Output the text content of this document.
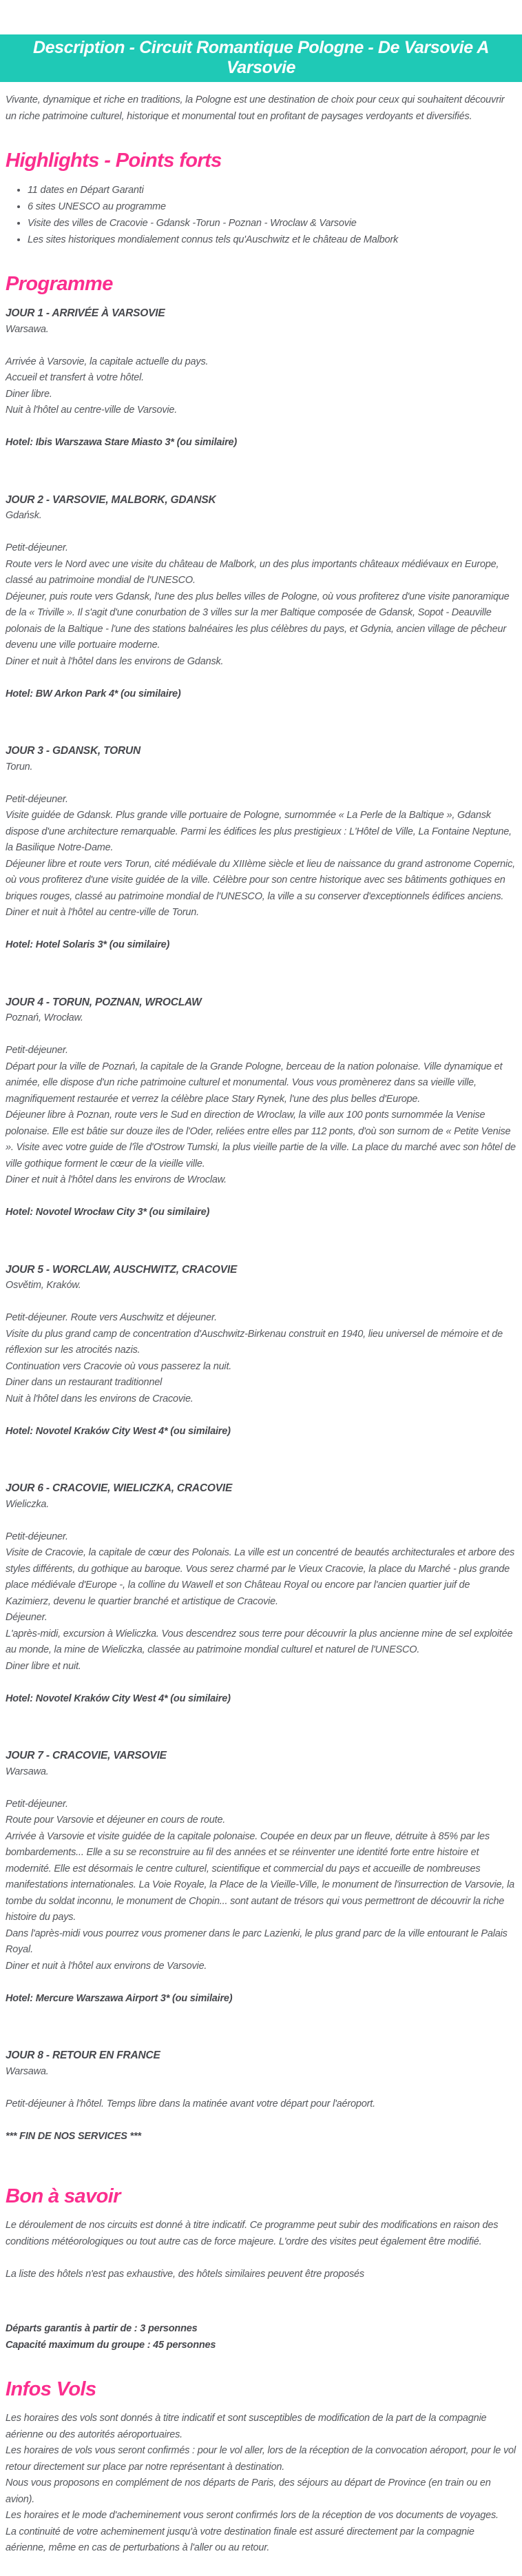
Description - Circuit Romantique Pologne - De Varsovie A Varsovie

Vivante, dynamique et riche en traditions, la Pologne est une destination de choix pour ceux qui souhaitent découvrir un riche patrimoine culturel, historique et monumental tout en profitant de paysages verdoyants et diversifiés.

Highlights - Points forts
• 11 dates en Départ Garanti
• 6 sites UNESCO au programme
• Visite des villes de Cracovie - Gdansk -Torun - Poznan - Wroclaw & Varsovie
• Les sites historiques mondialement connus tels qu'Auschwitz et le château de Malbork
Programme

JOUR 1 - ARRIVÉE À VARSOVIE

Warsawa.

Arrivée à Varsovie, la capitale actuelle du pays.

Accueil et transfert à votre hôtel.

Diner libre.

Nuit à l'hôtel au centre-ville de Varsovie.

Hotel: Ibis Warszawa Stare Miasto 3* (ou similaire)

JOUR 2 - VARSOVIE, MALBORK, GDANSK

Gdańsk.

Petit-déjeuner.

Route vers le Nord avec une visite du château de Malbork, un des plus importants châteaux médiévaux en Europe, classé au patrimoine mondial de l'UNESCO.

Déjeuner, puis route vers Gdansk, l'une des plus belles villes de Pologne, où vous profiterez d'une visite panoramique de la « Triville ». Il s'agit d'une conurbation de 3 villes sur la mer Baltique composée de Gdansk, Sopot - Deauville polonais de la Baltique - l'une des stations balnéaires les plus célèbres du pays, et Gdynia, ancien village de pêcheur devenu une ville portuaire moderne.

Diner et nuit à l'hôtel dans les environs de Gdansk.

Hotel: BW Arkon Park 4* (ou similaire)

JOUR 3 - GDANSK, TORUN

Torun.

Petit-déjeuner.

Visite guidée de Gdansk. Plus grande ville portuaire de Pologne, surnommée « La Perle de la Baltique », Gdansk dispose d'une architecture remarquable. Parmi les édifices les plus prestigieux : L'Hôtel de Ville, La Fontaine Neptune, la Basilique Notre-Dame.

Déjeuner libre et route vers Torun, cité médiévale du XIIIème siècle et lieu de naissance du grand astronome Copernic, où vous profiterez d'une visite guidée de la ville. Célèbre pour son centre historique avec ses bâtiments gothiques en briques rouges, classé au patrimoine mondial de l'UNESCO, la ville a su conserver d'exceptionnels édifices anciens.

Diner et nuit à l'hôtel au centre-ville de Torun.

Hotel: Hotel Solaris 3* (ou similaire)

JOUR 4 - TORUN, POZNAN, WROCLAW

Poznań, Wrocław.

Petit-déjeuner.

Départ pour la ville de Poznań, la capitale de la Grande Pologne, berceau de la nation polonaise. Ville dynamique et animée, elle dispose d'un riche patrimoine culturel et monumental. Vous vous promènerez dans sa vieille ville, magnifiquement restaurée et verrez la célèbre place Stary Rynek, l'une des plus belles d'Europe.

Déjeuner libre à Poznan, route vers le Sud en direction de Wroclaw, la ville aux 100 ponts surnommée la Venise polonaise. Elle est bâtie sur douze iles de l'Oder, reliées entre elles par 112 ponts, d'où son surnom de « Petite Venise ». Visite avec votre guide de l'île d'Ostrow Tumski, la plus vieille partie de la ville. La place du marché avec son hôtel de ville gothique forment le cœur de la vieille ville.

Diner et nuit à l'hôtel dans les environs de Wroclaw.

Hotel: Novotel Wrocław City 3* (ou similaire)

JOUR 5 - WORCLAW, AUSCHWITZ, CRACOVIE

Osvětim, Kraków.

Petit-déjeuner. Route vers Auschwitz et déjeuner.

Visite du plus grand camp de concentration d'Auschwitz-Birkenau construit en 1940, lieu universel de mémoire et de réflexion sur les atrocités nazis.

Continuation vers Cracovie où vous passerez la nuit.

Diner dans un restaurant traditionnel

Nuit à l'hôtel dans les environs de Cracovie.

Hotel: Novotel Kraków City West 4* (ou similaire)

JOUR 6 - CRACOVIE, WIELICZKA, CRACOVIE

Wieliczka.

Petit-déjeuner.

Visite de Cracovie, la capitale de cœur des Polonais. La ville est un concentré de beautés architecturales et arbore des styles différents, du gothique au baroque. Vous serez charmé par le Vieux Cracovie, la place du Marché - plus grande place médiévale d'Europe -, la colline du Wawell et son Château Royal ou encore par l'ancien quartier juif de Kazimierz, devenu le quartier branché et artistique de Cracovie.

Déjeuner.

L'après-midi, excursion à Wieliczka. Vous descendrez sous terre pour découvrir la plus ancienne mine de sel exploitée au monde, la mine de Wieliczka, classée au patrimoine mondial culturel et naturel de l'UNESCO.

Diner libre et nuit.

Hotel: Novotel Kraków City West 4* (ou similaire)

JOUR 7 - CRACOVIE, VARSOVIE

Warsawa.

Petit-déjeuner.

Route pour Varsovie et déjeuner en cours de route.

Arrivée à Varsovie et visite guidée de la capitale polonaise. Coupée en deux par un fleuve, détruite à 85% par les bombardements... Elle a su se reconstruire au fil des années et se réinventer une identité forte entre histoire et modernité. Elle est désormais le centre culturel, scientifique et commercial du pays et accueille de nombreuses manifestations internationales. La Voie Royale, la Place de la Vieille-Ville, le monument de l'insurrection de Varsovie, la tombe du soldat inconnu, le monument de Chopin... sont autant de trésors qui vous permettront de découvrir la riche histoire du pays.

Dans l'après-midi vous pourrez vous promener dans le parc Lazienki, le plus grand parc de la ville entourant le Palais Royal.

Diner et nuit à l'hôtel aux environs de Varsovie.

Hotel: Mercure Warszawa Airport 3* (ou similaire)

JOUR 8 - RETOUR EN FRANCE

Warsawa.

Petit-déjeuner à l'hôtel. Temps libre dans la matinée avant votre départ pour l'aéroport.

*** FIN DE NOS SERVICES ***

Bon à savoir

Le déroulement de nos circuits est donné à titre indicatif. Ce programme peut subir des modifications en raison des conditions météorologiques ou tout autre cas de force majeure. L'ordre des visites peut également être modifié.

La liste des hôtels n'est pas exhaustive, des hôtels similaires peuvent être proposés

Départs garantis à partir de : 3 personnes

Capacité maximum du groupe : 45 personnes

Infos Vols

Les horaires des vols sont donnés à titre indicatif et sont susceptibles de modification de la part de la compagnie aérienne ou des autorités aéroportuaires.

Les horaires de vols vous seront confirmés : pour le vol aller, lors de la réception de la convocation aéroport, pour le vol retour directement sur place par notre représentant à destination.

Nous vous proposons en complément de nos départs de Paris, des séjours au départ de Province (en train ou en avion).

Les horaires et le mode d'acheminement vous seront confirmés lors de la réception de vos documents de voyages.

La continuité de votre acheminement jusqu'à votre destination finale est assuré directement par la compagnie aérienne, même en cas de perturbations à l'aller ou au retour.
